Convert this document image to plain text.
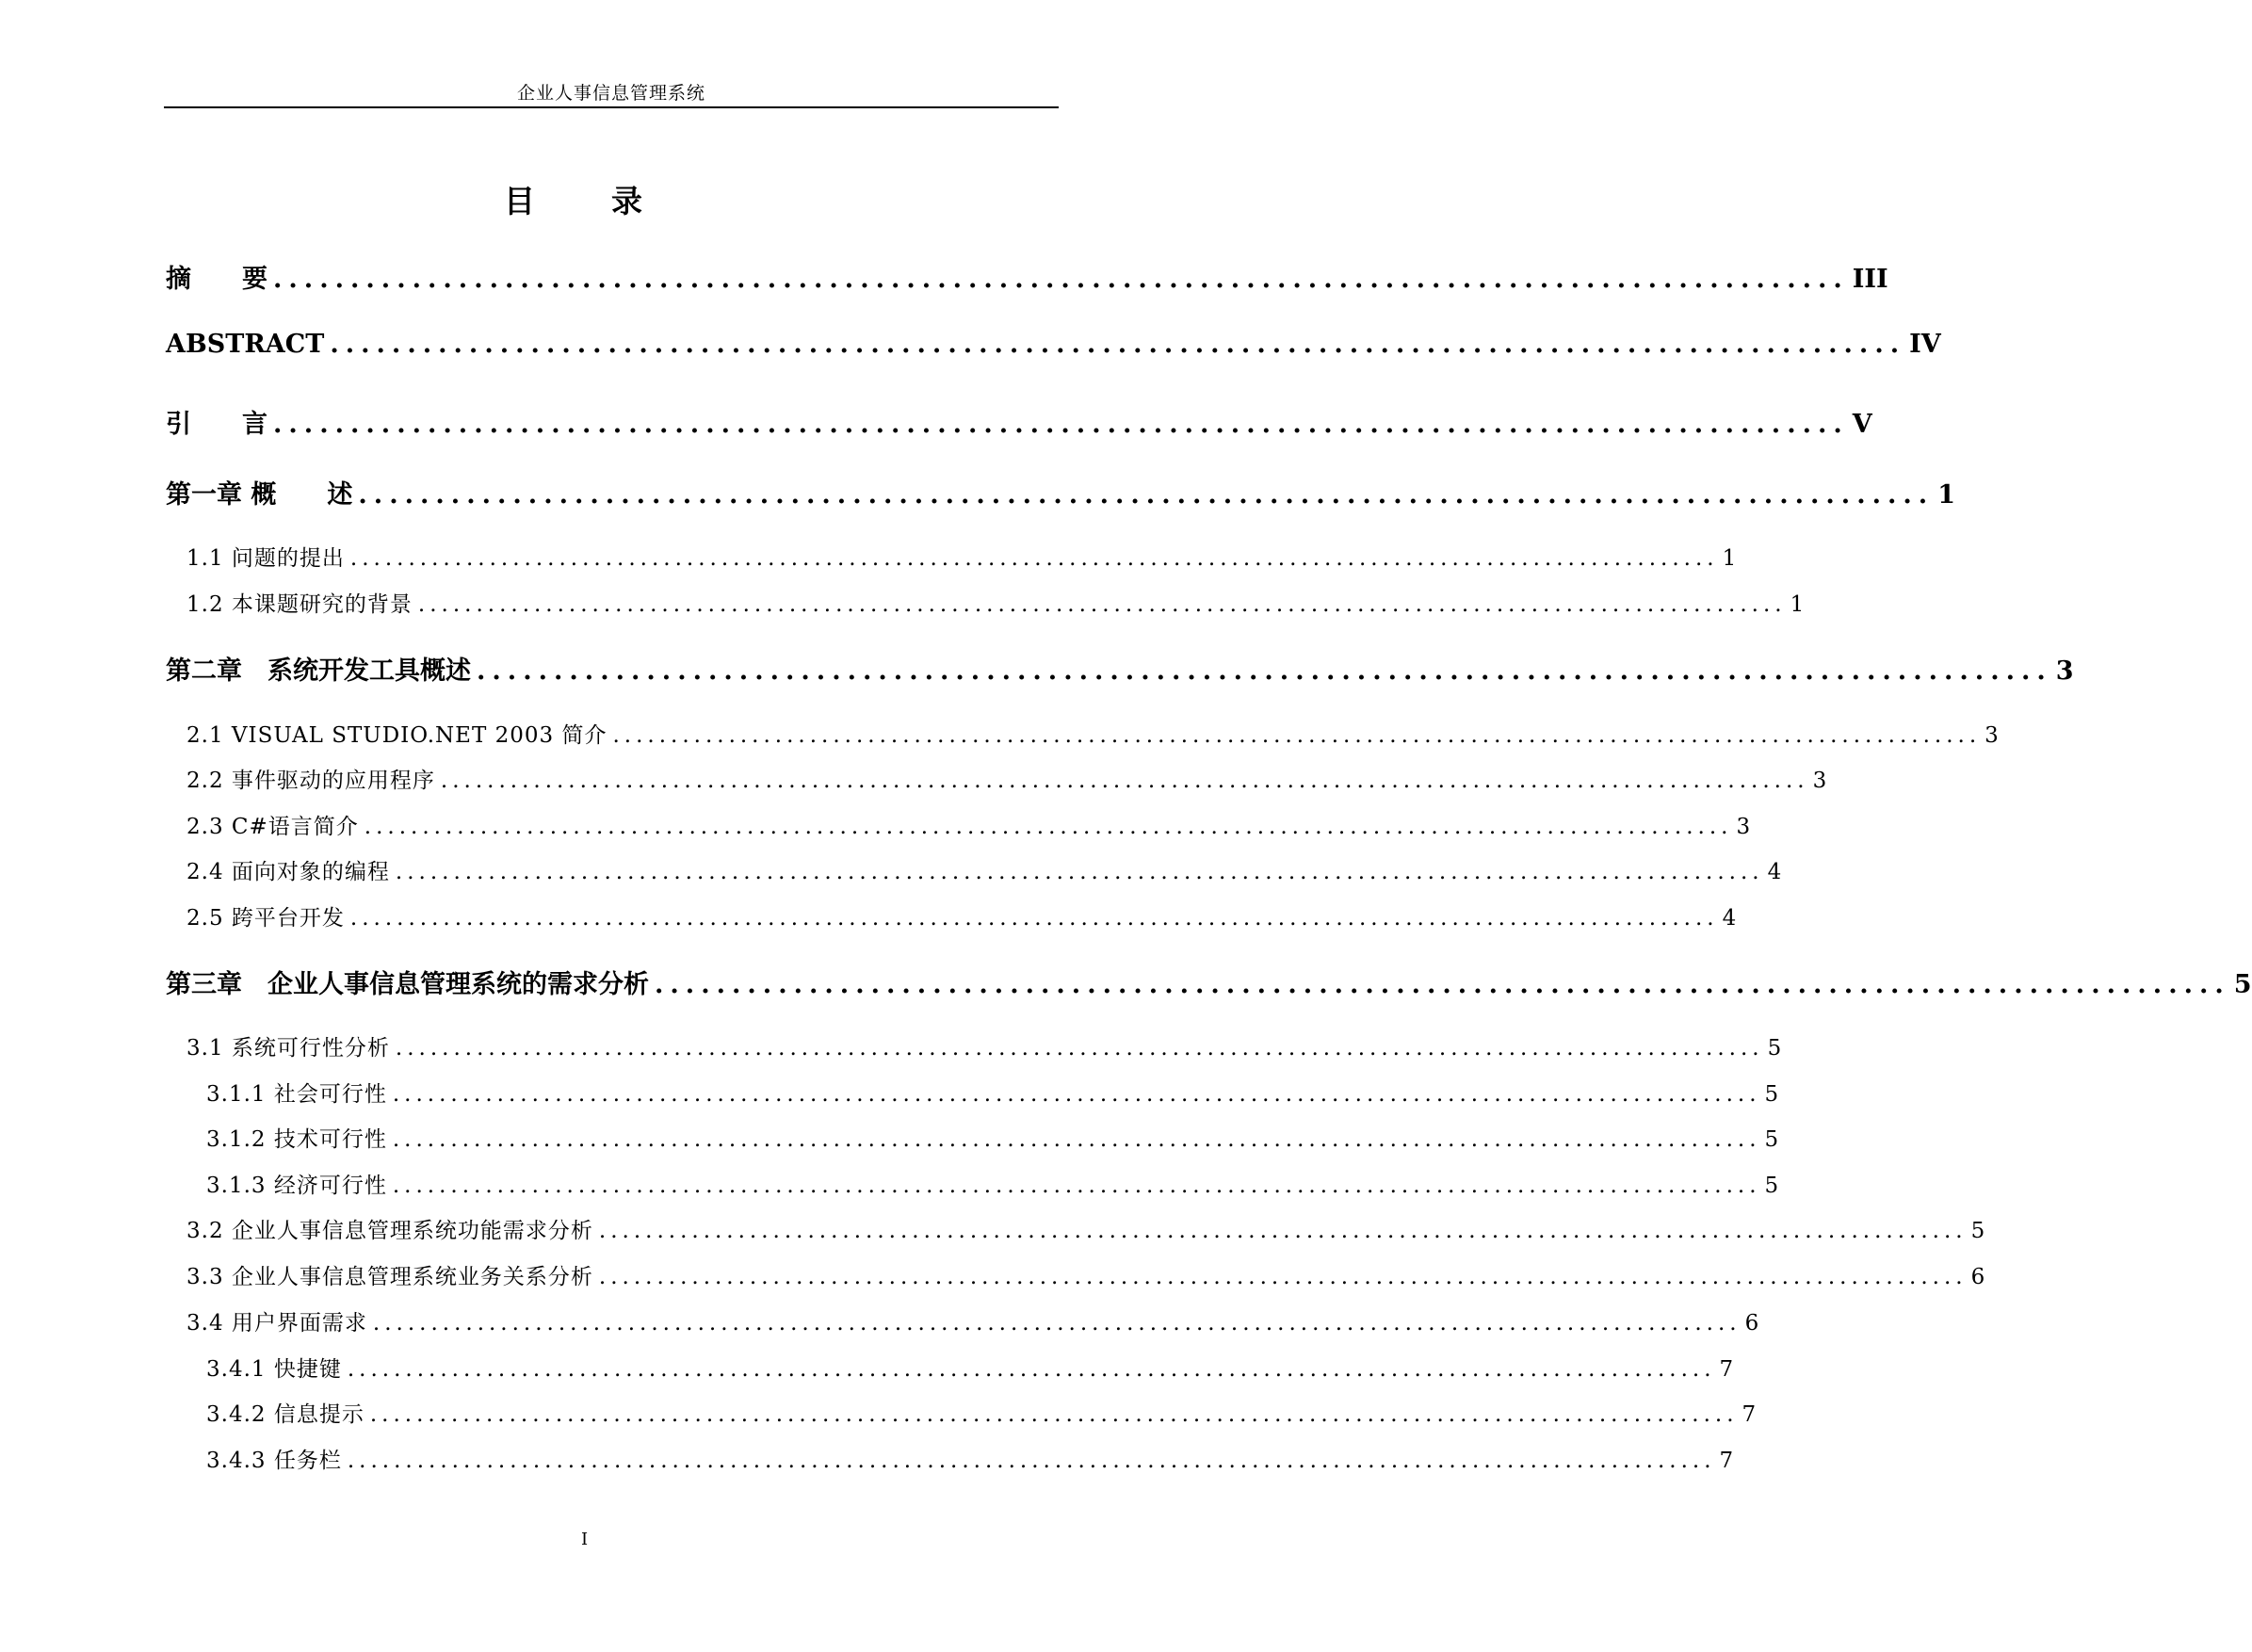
企业人事信息管理系统
目　录
摘　　要 ...................................................................................................... III
ABSTRACT ...................................................................................................... IV
引　　言 ...................................................................................................... V
第一章 概　　述 ...................................................................................................... 1
1.1 问题的提出 ...................................................................................................................... 1
1.2 本课题研究的背景 ...................................................................................................................... 1
第二章　系统开发工具概述 ...................................................................................................... 3
2.1 VISUAL STUDIO.NET 2003 简介 ...................................................................................................................... 3
2.2 事件驱动的应用程序 ...................................................................................................................... 3
2.3 C#语言简介 ...................................................................................................................... 3
2.4 面向对象的编程 ...................................................................................................................... 4
2.5 跨平台开发 ...................................................................................................................... 4
第三章　企业人事信息管理系统的需求分析 ...................................................................................................... 5
3.1 系统可行性分析 ...................................................................................................................... 5
3.1.1 社会可行性 ...................................................................................................................... 5
3.1.2 技术可行性 ...................................................................................................................... 5
3.1.3 经济可行性 ...................................................................................................................... 5
3.2 企业人事信息管理系统功能需求分析 ...................................................................................................................... 5
3.3 企业人事信息管理系统业务关系分析 ...................................................................................................................... 6
3.4 用户界面需求 ...................................................................................................................... 6
3.4.1 快捷键 ...................................................................................................................... 7
3.4.2 信息提示 ...................................................................................................................... 7
3.4.3 任务栏 ...................................................................................................................... 7
I
